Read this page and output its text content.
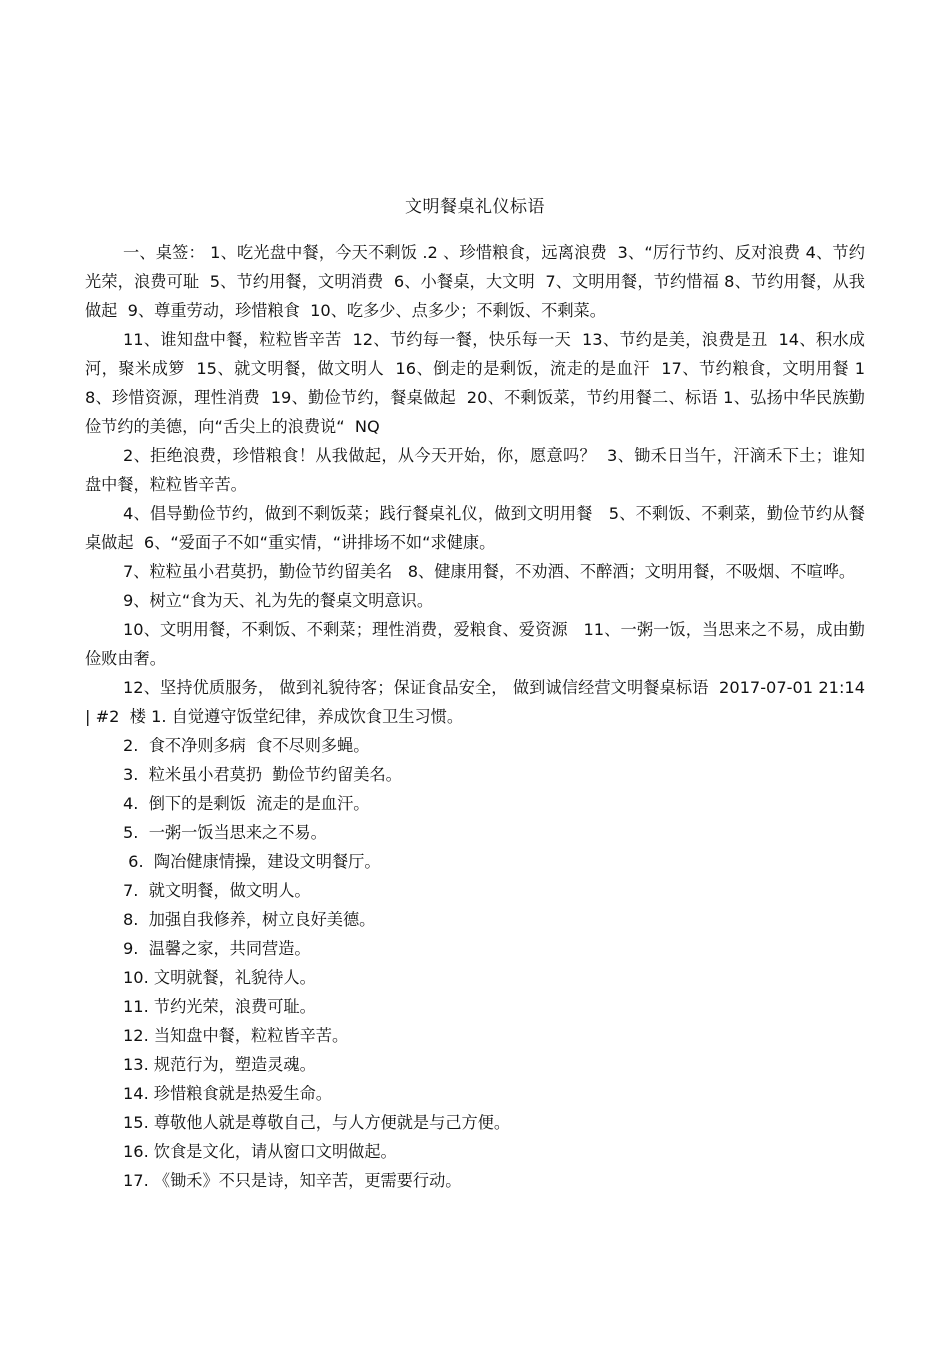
文明餐桌礼仪标语

一、桌签： 1、吃光盘中餐，今天不剩饭 .2 、珍惜粮食，远离浪费  3、“厉行节约、反对浪费 4、节约光荣，浪费可耻  5、节约用餐，文明消费  6、小餐桌，大文明  7、文明用餐，节约惜福 8、节约用餐，从我做起  9、尊重劳动，珍惜粮食  10、吃多少、点多少；不剩饭、不剩菜。

11、谁知盘中餐，粒粒皆辛苦  12、节约每一餐，快乐每一天  13、节约是美，浪费是丑  14、积水成河，聚米成箩  15、就文明餐，做文明人  16、倒走的是剩饭，流走的是血汗  17、节约粮食，文明用餐 18、珍惜资源，理性消费  19、勤俭节约，餐桌做起  20、不剩饭菜，节约用餐二、标语 1、弘扬中华民族勤俭节约的美德，向“舌尖上的浪费说“  NQ

2、拒绝浪费，珍惜粮食！从我做起，从今天开始，你，愿意吗？  3、锄禾日当午，汗滴禾下土；谁知盘中餐，粒粒皆辛苦。

4、倡导勤俭节约，做到不剩饭菜；践行餐桌礼仪，做到文明用餐   5、不剩饭、不剩菜，勤俭节约从餐桌做起  6、“爱面子不如“重实情，“讲排场不如“求健康。

7、粒粒虽小君莫扔，勤俭节约留美名   8、健康用餐，不劝酒、不醉酒；文明用餐，不吸烟、不喧哗。

9、树立“食为天、礼为先的餐桌文明意识。

10、文明用餐，不剩饭、不剩菜；理性消费，爱粮食、爱资源   11、一粥一饭，当思来之不易，成由勤俭败由奢。

12、坚持优质服务， 做到礼貌待客；保证食品安全， 做到诚信经营文明餐桌标语  2017-07-01 21:14 | #2  楼 1. 自觉遵守饭堂纪律，养成饮食卫生习惯。

2.  食不净则多病  食不尽则多蝇。
3.  粒米虽小君莫扔  勤俭节约留美名。
4.  倒下的是剩饭  流走的是血汗。
5.  一粥一饭当思来之不易。
6.  陶冶健康情操，建设文明餐厅。
7.  就文明餐，做文明人。
8.  加强自我修养，树立良好美德。
9.  温馨之家，共同营造。
10. 文明就餐，礼貌待人。
11. 节约光荣，浪费可耻。
12. 当知盘中餐，粒粒皆辛苦。
13. 规范行为，塑造灵魂。
14. 珍惜粮食就是热爱生命。
15. 尊敬他人就是尊敬自己，与人方便就是与己方便。
16. 饮食是文化，请从窗口文明做起。
17. 《锄禾》不只是诗，知辛苦，更需要行动。
